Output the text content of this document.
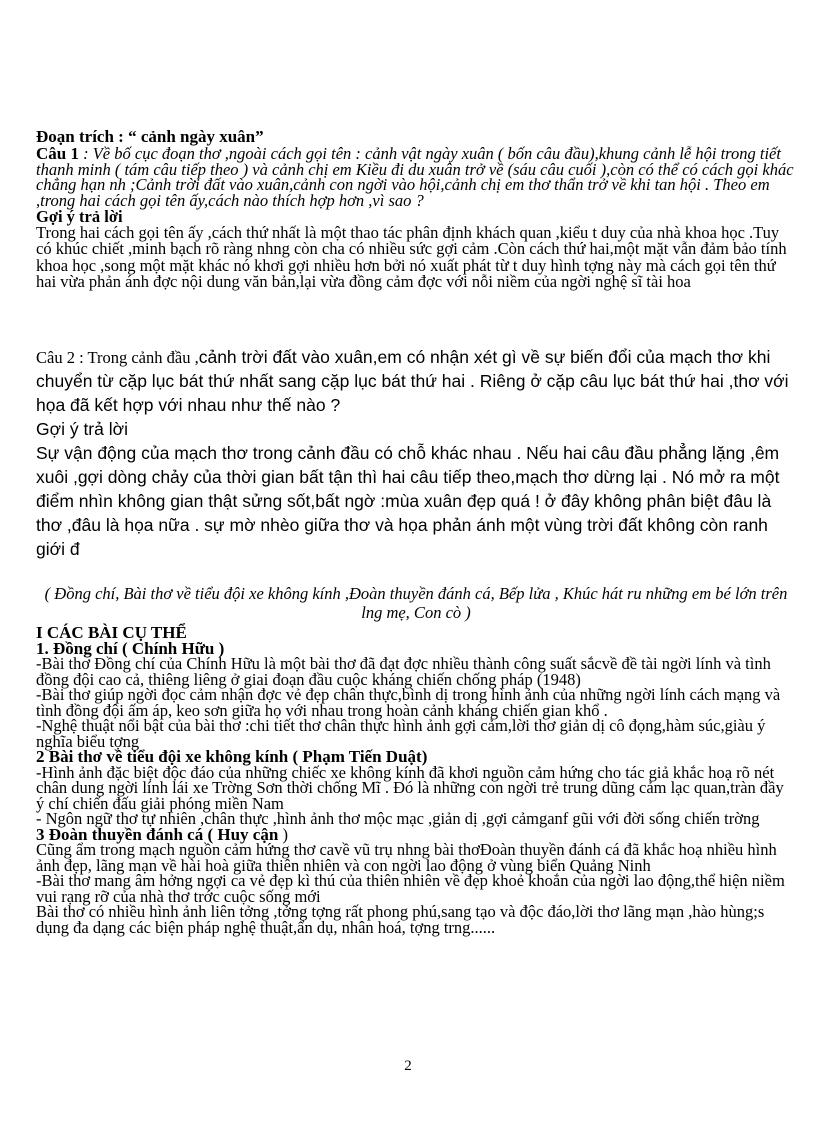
Đoạn trích : “ cảnh ngày xuân”

Câu 1 : Về bố cục đoạn thơ ,ngoài cách gọi tên : cảnh vật ngày xuân ( bốn câu đầu),khung cảnh lễ hội trong tiết thanh minh ( tám câu tiếp theo ) và cảnh chị em Kiều đi du xuân trở về (sáu câu cuối ),còn có thể có cách gọi khác chẳng hạn nh ;Cảnh trời đất vào xuân,cảnh con ngời vào hội,cảnh chị em thơ thẩn trở về khi tan hội . Theo em ,trong hai cách gọi tên ấy,cách nào thích hợp hơn ,vì sao ?

Gợi ý trả lời

Trong hai cách gọi tên ấy ,cách thứ nhất là một thao tác phân định khách quan ,kiểu t duy của nhà khoa học .Tuy có khúc chiết ,minh bạch rõ ràng nhng còn cha có nhiều sức gợi cảm .Còn cách thứ hai,một mặt vẫn đảm bảo tính khoa học ,song một mặt khác nó khơi gợi nhiều hơn bởi nó xuất phát từ t duy hình tợng này mà cách gọi tên thứ hai vừa phản ánh đợc nội dung văn bản,lại vừa đồng cảm đợc với nỗi niềm của ngời nghệ sĩ tài hoa

Câu 2 : Trong cảnh đầu ,cảnh trời đất vào xuân,em có nhận xét gì về sự biến đổi của mạch thơ khi chuyển từ cặp lục bát thứ nhất sang cặp lục bát thứ hai . Riêng ở cặp câu lục bát thứ hai ,thơ với họa đã kết hợp với nhau như thế nào ?

Gợi ý trả lời

Sự vận động của mạch thơ trong cảnh đầu có chỗ khác nhau . Nếu hai câu đầu phẳng lặng ,êm xuôi ,gợi dòng chảy của thời gian bất tận thì hai câu tiếp theo,mạch thơ dừng lại . Nó mở ra một điểm nhìn không gian thật sửng sốt,bất ngờ :mùa xuân đẹp quá ! ở đây không phân biệt đâu là thơ ,đâu là họa nữa . sự mờ nhèo giữa thơ và họa phản ánh một vùng trời đất không còn ranh giới đ

( Đồng chí, Bài thơ về tiểu đội xe không kính ,Đoàn thuyền đánh cá, Bếp lửa , Khúc hát ru những em bé lớn trên lng mẹ, Con cò )

I CÁC BÀI CỤ THỂ

1. Đồng chí ( Chính Hữu )

-Bài thơ Đồng chí của Chính Hữu là một bài thơ đã đạt đợc nhiều thành công suất sắcvề đề tài ngời lính và tình đồng đội cao cả, thiêng liêng ở giai đoạn đầu cuộc kháng chiến chống pháp (1948)

-Bài thơ giúp ngời đọc cảm nhận đợc vẻ đẹp chân thực,bình dị trong hình ảnh của những ngời lính cách mạng và tình đồng đội ấm áp, keo sơn giữa họ với nhau trong hoàn cảnh kháng chiến gian khổ .

-Nghệ thuật nổi bật của bài thơ :chi tiết thơ chân thực hình ảnh gợi cảm,lời thơ giản dị cô đọng,hàm súc,giàu ý nghĩa biểu tợng

2 Bài thơ về tiểu đội xe không kính ( Phạm Tiến Duật)

-Hình ảnh đặc biệt độc đáo của những chiếc xe không kính đã khơi nguồn cảm hứng cho tác giả khắc hoạ rõ nét chân dung ngời lính lái xe Trờng Sơn thời chống Mĩ . Đó là những con ngời trẻ trung dũng cảm lạc quan,tràn đầy ý chí chiến đấu giải phóng miền Nam

- Ngôn ngữ thơ tự nhiên ,chân thực ,hình ảnh thơ mộc mạc ,giản dị ,gợi cảmganf gũi với đời sống chiến trờng

3 Đoàn thuyền đánh cá ( Huy cận )

Cũng ẩm trong mạch nguồn cảm hứng thơ cavề vũ trụ nhng bài thơĐoàn thuyền đánh cá đã khắc hoạ nhiều hình ảnh đẹp, lãng mạn về hài hoà giữa thiên nhiên và con ngời lao động ở vùng biển Quảng Ninh

-Bài thơ mang âm hởng ngợi ca vẻ đẹp kì thú của thiên nhiên về đẹp khoẻ khoắn của ngời lao động,thể hiện niềm vui rạng rỡ của nhà thơ trớc cuộc sống mới

Bài thơ có nhiều hình ảnh liên tởng ,tởng tợng rất phong phú,sang tạo và độc đáo,lời thơ lãng mạn ,hào hùng;s dụng đa dạng các biện pháp nghệ thuật,ẩn dụ, nhân hoá, tợng trng......

2
